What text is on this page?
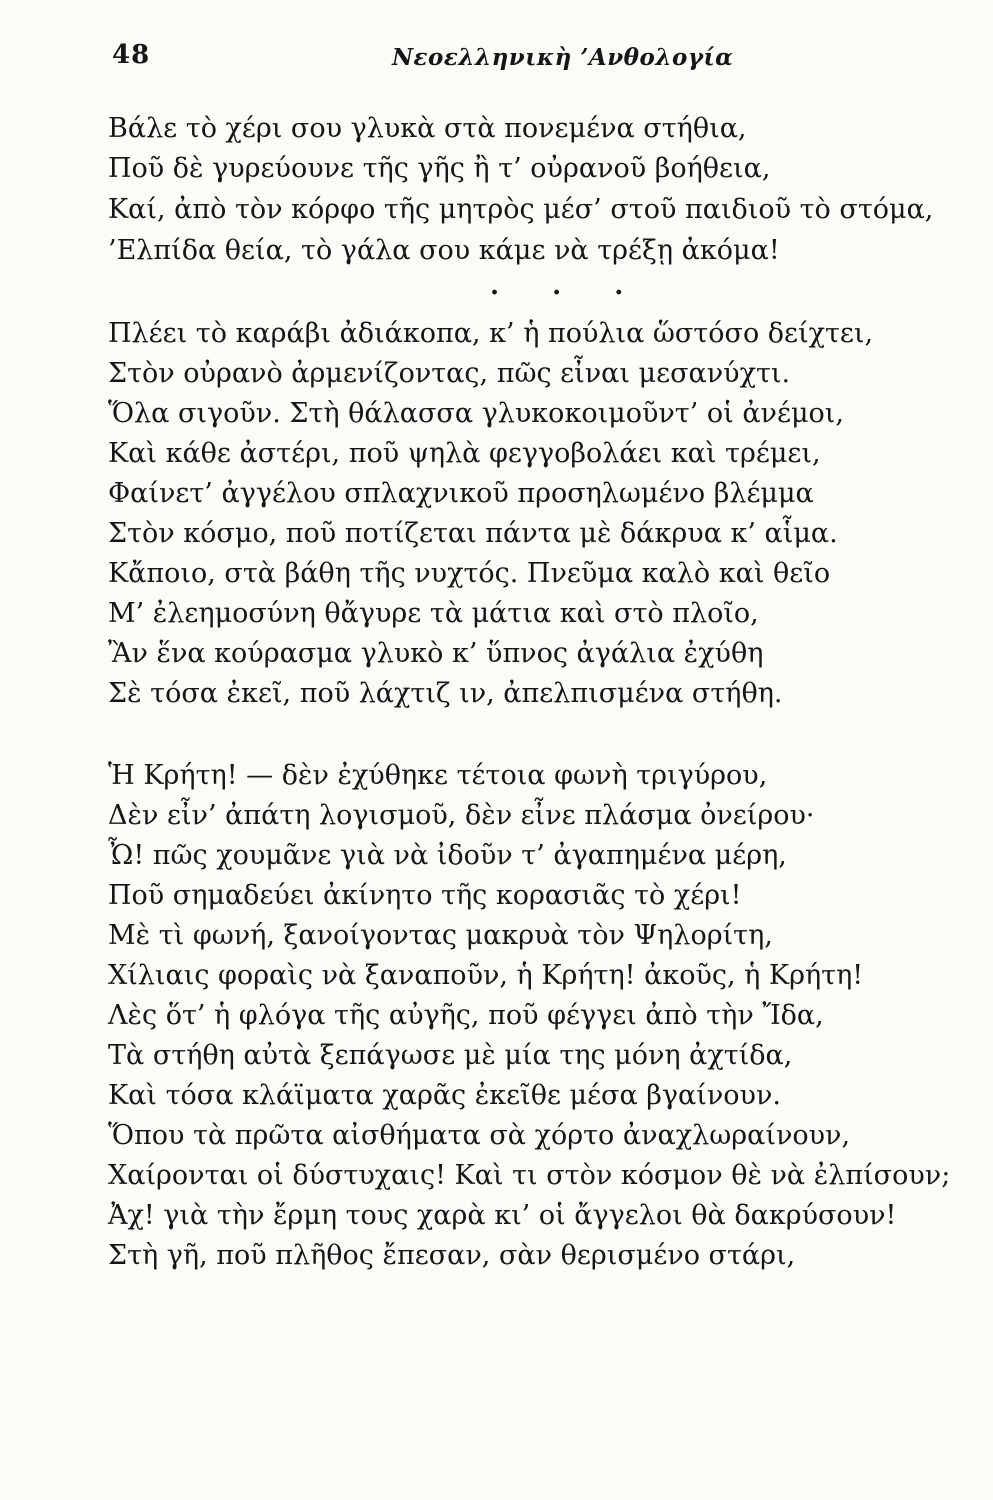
48	Νεοελληνικὴ ’Ανθολογία
Βάλε τὸ χέρι σου γλυκὰ στὰ πονεμένα στήθια,
Ποῦ δὲ γυρεύουνε τῆς γῆς ἢ τ’ οὐρανοῦ βοήθεια,
Καί, ἀπὸ τὸν κόρφο τῆς μητρὸς μέσ’ στοῦ παιδιοῦ τὸ στόμα,
’Ελπίδα θεία, τὸ γάλα σου κάμε νὰ τρέξῃ ἀκόμα!
· · ·
Πλέει τὸ καράβι ἀδιάκοπα, κ’ ἡ πούλια ὥστόσο δείχτει,
Στὸν οὐρανὸ ἀρμενίζοντας, πῶς εἶναι μεσανύχτι.
Ὅλα σιγοῦν. Στὴ θάλασσα γλυκοκοιμοῦντ’ οἱ ἀνέμοι,
Καὶ κάθε ἀστέρι, ποῦ ψηλὰ φεγγοβολάει καὶ τρέμει,
Φαίνετ’ ἀγγέλου σπλαχνικοῦ προσηλωμένο βλέμμα
Στὸν κόσμο, ποῦ ποτίζεται πάντα μὲ δάκρυα κ’ αἷμα.
Κἄποιο, στὰ βάθη τῆς νυχτός. Πνεῦμα καλὸ καὶ θεῖο
Μ’ ἐλεημοσύνη θἄγυρε τὰ μάτια καὶ στὸ πλοῖο,
Ἂν ἕνα κούρασμα γλυκὸ κ’ ὕπνος ἀγάλια ἐχύθη
Σὲ τόσα ἐκεῖ, ποῦ λάχτιζ ιν, ἀπελπισμένα στήθη.
Ἡ Κρήτη! — δὲν ἐχύθηκε τέτοια φωνὴ τριγύρου,
Δὲν εἶν’ ἀπάτη λογισμοῦ, δὲν εἶνε πλάσμα ὀνείρου·
Ὦ! πῶς χουμᾶνε γιὰ νὰ ἰδοῦν τ’ ἀγαπημένα μέρη,
Ποῦ σημαδεύει ἀκίνητο τῆς κορασιᾶς τὸ χέρι!
Μὲ τὶ φωνή, ξανοίγοντας μακρυὰ τὸν Ψηλορίτη,
Χίλιαις φοραὶς νὰ ξαναποῦν, ἡ Κρήτη! ἀκοῦς, ἡ Κρήτη!
Λὲς ὅτ’ ἡ φλόγα τῆς αὐγῆς, ποῦ φέγγει ἀπὸ τὴν Ἴδα,
Τὰ στήθη αὐτὰ ξεπάγωσε μὲ μία της μόνη ἀχτίδα,
Καὶ τόσα κλάϊματα χαρᾶς ἐκεῖθε μέσα βγαίνουν.
Ὅπου τὰ πρῶτα αἰσθήματα σὰ χόρτο ἀναχλωραίνουν,
Χαίρονται οἱ δύστυχαις! Καὶ τι στὸν κόσμον θὲ νὰ ἐλπίσουν;
Ἀχ! γιὰ τὴν ἔρμη τους χαρὰ κι’ οἱ ἄγγελοι θὰ δακρύσουν!
Στὴ γῆ, ποῦ πλῆθος ἔπεσαν, σὰν θερισμένο στάρι,
